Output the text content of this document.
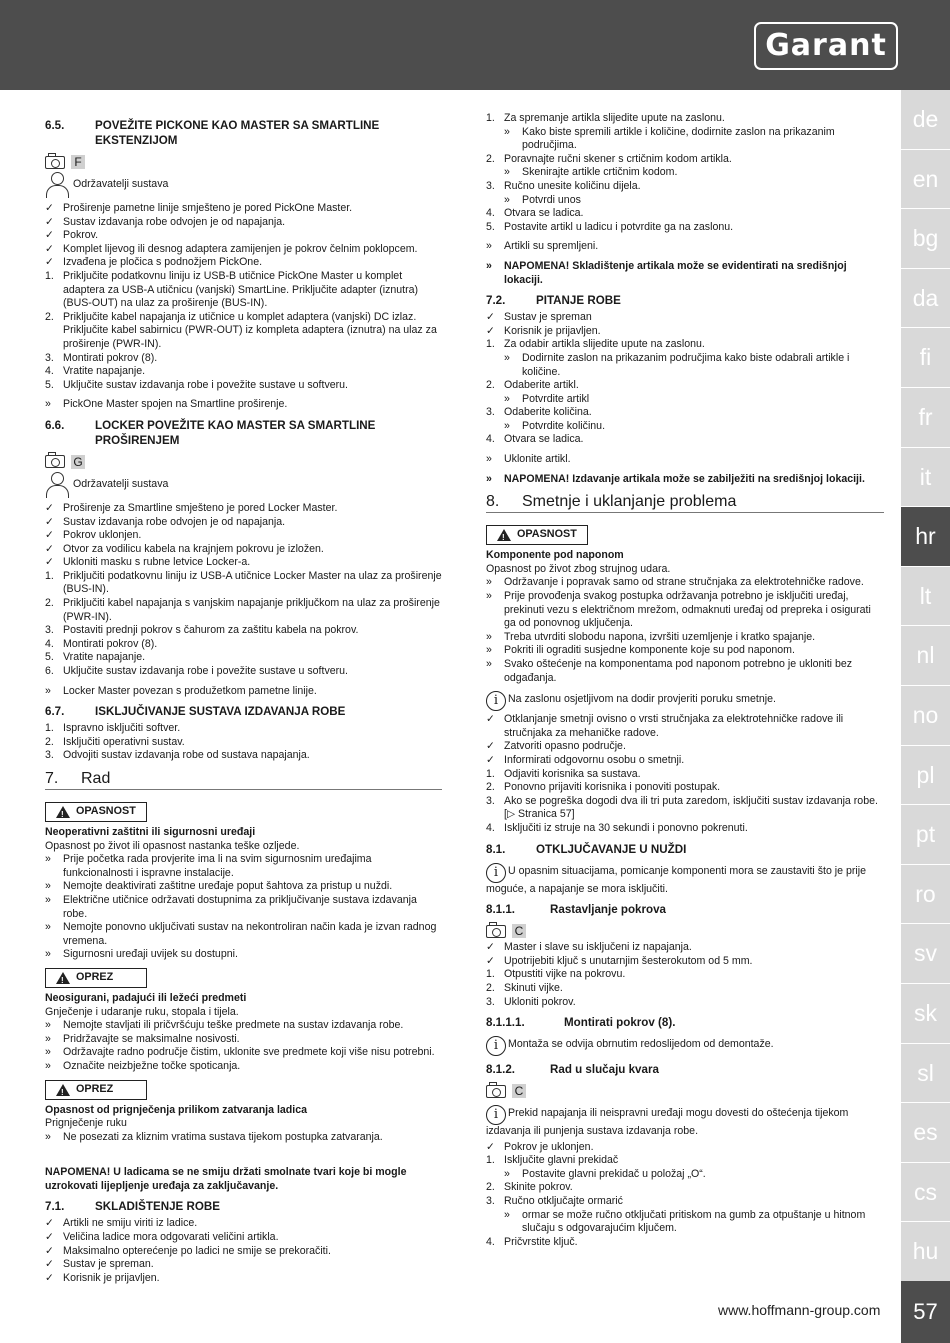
Garant
6.5.	POVEŽITE PICKONE KAO MASTER SA SMARTLINE EKSTENZIJOM
F
Održavatelji sustava
✓ Proširenje pametne linije smješteno je pored PickOne Master.
✓ Sustav izdavanja robe odvojen je od napajanja.
✓ Pokrov.
✓ Komplet lijevog ili desnog adaptera zamijenjen je pokrov čelnim poklopcem.
✓ Izvađena je pločica s podnožjem PickOne.
1. Priključite podatkovnu liniju iz USB-B utičnice PickOne Master u komplet adaptera za USB-A utičnicu (vanjski) SmartLine. Priključite adapter (iznutra) (BUS-OUT) na ulaz za proširenje (BUS-IN).
2. Priključite kabel napajanja iz utičnice u komplet adaptera (vanjski) DC izlaz. Priključite kabel sabirnicu (PWR-OUT) iz kompleta adaptera (iznutra) na ulaz za proširenje (PWR-IN).
3. Montirati pokrov (8).
4. Vratite napajanje.
5. Uključite sustav izdavanja robe i povežite sustave u softveru.
» PickOne Master spojen na Smartline proširenje.
6.6.	LOCKER POVEŽITE KAO MASTER SA SMARTLINE PROŠIRENJEM
G
Održavatelji sustava
✓ Proširenje za Smartline smješteno je pored Locker Master.
✓ Sustav izdavanja robe odvojen je od napajanja.
✓ Pokrov uklonjen.
✓ Otvor za vodilicu kabela na krajnjem pokrovu je izložen.
✓ Ukloniti masku s rubne letvice Locker-a.
1. Priključiti podatkovnu liniju iz USB-A utičnice Locker Master na ulaz za proširenje (BUS-IN).
2. Priključiti kabel napajanja s vanjskim napajanje priključkom na ulaz za proširenje (PWR-IN).
3. Postaviti prednji pokrov s čahurom za zaštitu kabela na pokrov.
4. Montirati pokrov (8).
5. Vratite napajanje.
6. Uključite sustav izdavanja robe i povežite sustave u softveru.
» Locker Master povezan s produžetkom pametne linije.
6.7.	ISKLJUČIVANJE SUSTAVA IZDAVANJA ROBE
1. Ispravno isključiti softver.
2. Isključiti operativni sustav.
3. Odvojiti sustav izdavanja robe od sustava napajanja.
7.	Rad
!
OPASNOST
Neoperativni zaštitni ili sigurnosni uređaji
Opasnost po život ili opasnost nastanka teške ozljede.
»	Prije početka rada provjerite ima li na svim sigurnosnim uređajima funkcionalnosti i ispravne instalacije.
»	Nemojte deaktivirati zaštitne uređaje poput šahtova za pristup u nuždi.
»	Električne utičnice održavati dostupnima za priključivanje sustava izdavanja robe.
»	Nemojte ponovno uključivati sustav na nekontroliran način kada je izvan radnog vremena.
»	Sigurnosni uređaji uvijek su dostupni.
!
OPREZ
Neosigurani, padajući ili ležeći predmeti
Gnječenje i udaranje ruku, stopala i tijela.
»	Nemojte stavljati ili pričvršćuju teške predmete na sustav izdavanja robe.
»	Pridržavajte se maksimalne nosivosti.
»	Održavajte radno područje čistim, uklonite sve predmete koji više nisu potrebni.
»	Označite neizbježne točke spoticanja.
!
OPREZ
Opasnost od prignječenja prilikom zatvaranja ladica
Prignječenje ruku
»	Ne posezati za kliznim vratima sustava tijekom postupka zatvaranja.
NAPOMENA! U ladicama se ne smiju držati smolnate tvari koje bi mogle uzrokovati lijepljenje uređaja za zaključavanje.
7.1.	SKLADIŠTENJE ROBE
✓ Artikli ne smiju viriti iz ladice.
✓ Veličina ladice mora odgovarati veličini artikla.
✓ Maksimalno opterećenje po ladici ne smije se prekoračiti.
✓ Sustav je spreman.
✓ Korisnik je prijavljen.
1. Za spremanje artikla slijedite upute na zaslonu.
» Kako biste spremili artikle i količine, dodirnite zaslon na prikazanim područjima.
2. Poravnajte ručni skener s crtičnim kodom artikla.
» Skenirajte artikle crtičnim kodom.
3. Ručno unesite količinu dijela.
» Potvrdi unos
4. Otvara se ladica.
5. Postavite artikl u ladicu i potvrdite ga na zaslonu.
» Artikli su spremljeni.
» NAPOMENA! Skladištenje artikala može se evidentirati na središnjoj lokaciji.
7.2.	PITANJE ROBE
✓ Sustav je spreman
✓ Korisnik je prijavljen.
1. Za odabir artikla slijedite upute na zaslonu.
» Dodirnite zaslon na prikazanim područjima kako biste odabrali artikle i količine.
2. Odaberite artikl.
» Potvrdite artikl
3. Odaberite količina.
» Potvrdite količinu.
4. Otvara se ladica.
» Uklonite artikl.
» NAPOMENA! Izdavanje artikala može se zabilježiti na središnjoj lokaciji.
8.	Smetnje i uklanjanje problema
!
OPASNOST
Komponente pod naponom
Opasnost po život zbog strujnog udara.
»	Održavanje i popravak samo od strane stručnjaka za elektrotehničke radove.
»	Prije provođenja svakog postupka održavanja potrebno je isključiti uređaj, prekinuti vezu s električnom mrežom, odmaknuti uređaj od prepreka i osigurati ga od ponovnog uključenja.
»	Treba utvrditi slobodu napona, izvršiti uzemljenje i kratko spajanje.
»	Pokriti ili ograditi susjedne komponente koje su pod naponom.
»	Svako oštećenje na komponentama pod naponom potrebno je ukloniti bez odgađanja.
i Na zaslonu osjetljivom na dodir provjeriti poruku smetnje.
✓ Otklanjanje smetnji ovisno o vrsti stručnjaka za elektrotehničke radove ili stručnjaka za mehaničke radove.
✓ Zatvoriti opasno područje.
✓ Informirati odgovornu osobu o smetnji.
1. Odjaviti korisnika sa sustava.
2. Ponovno prijaviti korisnika i ponoviti postupak.
3. Ako se pogreška dogodi dva ili tri puta zaredom, isključiti sustav izdavanja robe. [▷ Stranica 57]
4. Isključiti iz struje na 30 sekundi i ponovno pokrenuti.
8.1.	OTKLJUČAVANJE U NUŽDI
i U opasnim situacijama, pomicanje komponenti mora se zaustaviti što je prije moguće, a napajanje se mora isključiti.
8.1.1.	Rastavljanje pokrova
C
✓ Master i slave su isključeni iz napajanja.
✓ Upotrijebiti ključ s unutarnjim šesterokutom od 5 mm.
1. Otpustiti vijke na pokrovu.
2. Skinuti vijke.
3. Ukloniti pokrov.
8.1.1.1.	Montirati pokrov (8).
i Montaža se odvija obrnutim redoslijedom od demontaže.
8.1.2.	Rad u slučaju kvara
C
i Prekid napajanja ili neispravni uređaji mogu dovesti do oštećenja tijekom izdavanja ili punjenja sustava izdavanja robe.
✓ Pokrov je uklonjen.
1. Isključite glavni prekidač
» Postavite glavni prekidač u položaj „O“.
2. Skinite pokrov.
3. Ručno otključajte ormarić
» ormar se može ručno otključati pritiskom na gumb za otpuštanje u hitnom slučaju s odgovarajućim ključem.
4. Pričvrstite ključ.
de
en
bg
da
fi
fr
it
hr
lt
nl
no
pl
pt
ro
sv
sk
sl
es
cs
hu
www.hoffmann-group.com	57
